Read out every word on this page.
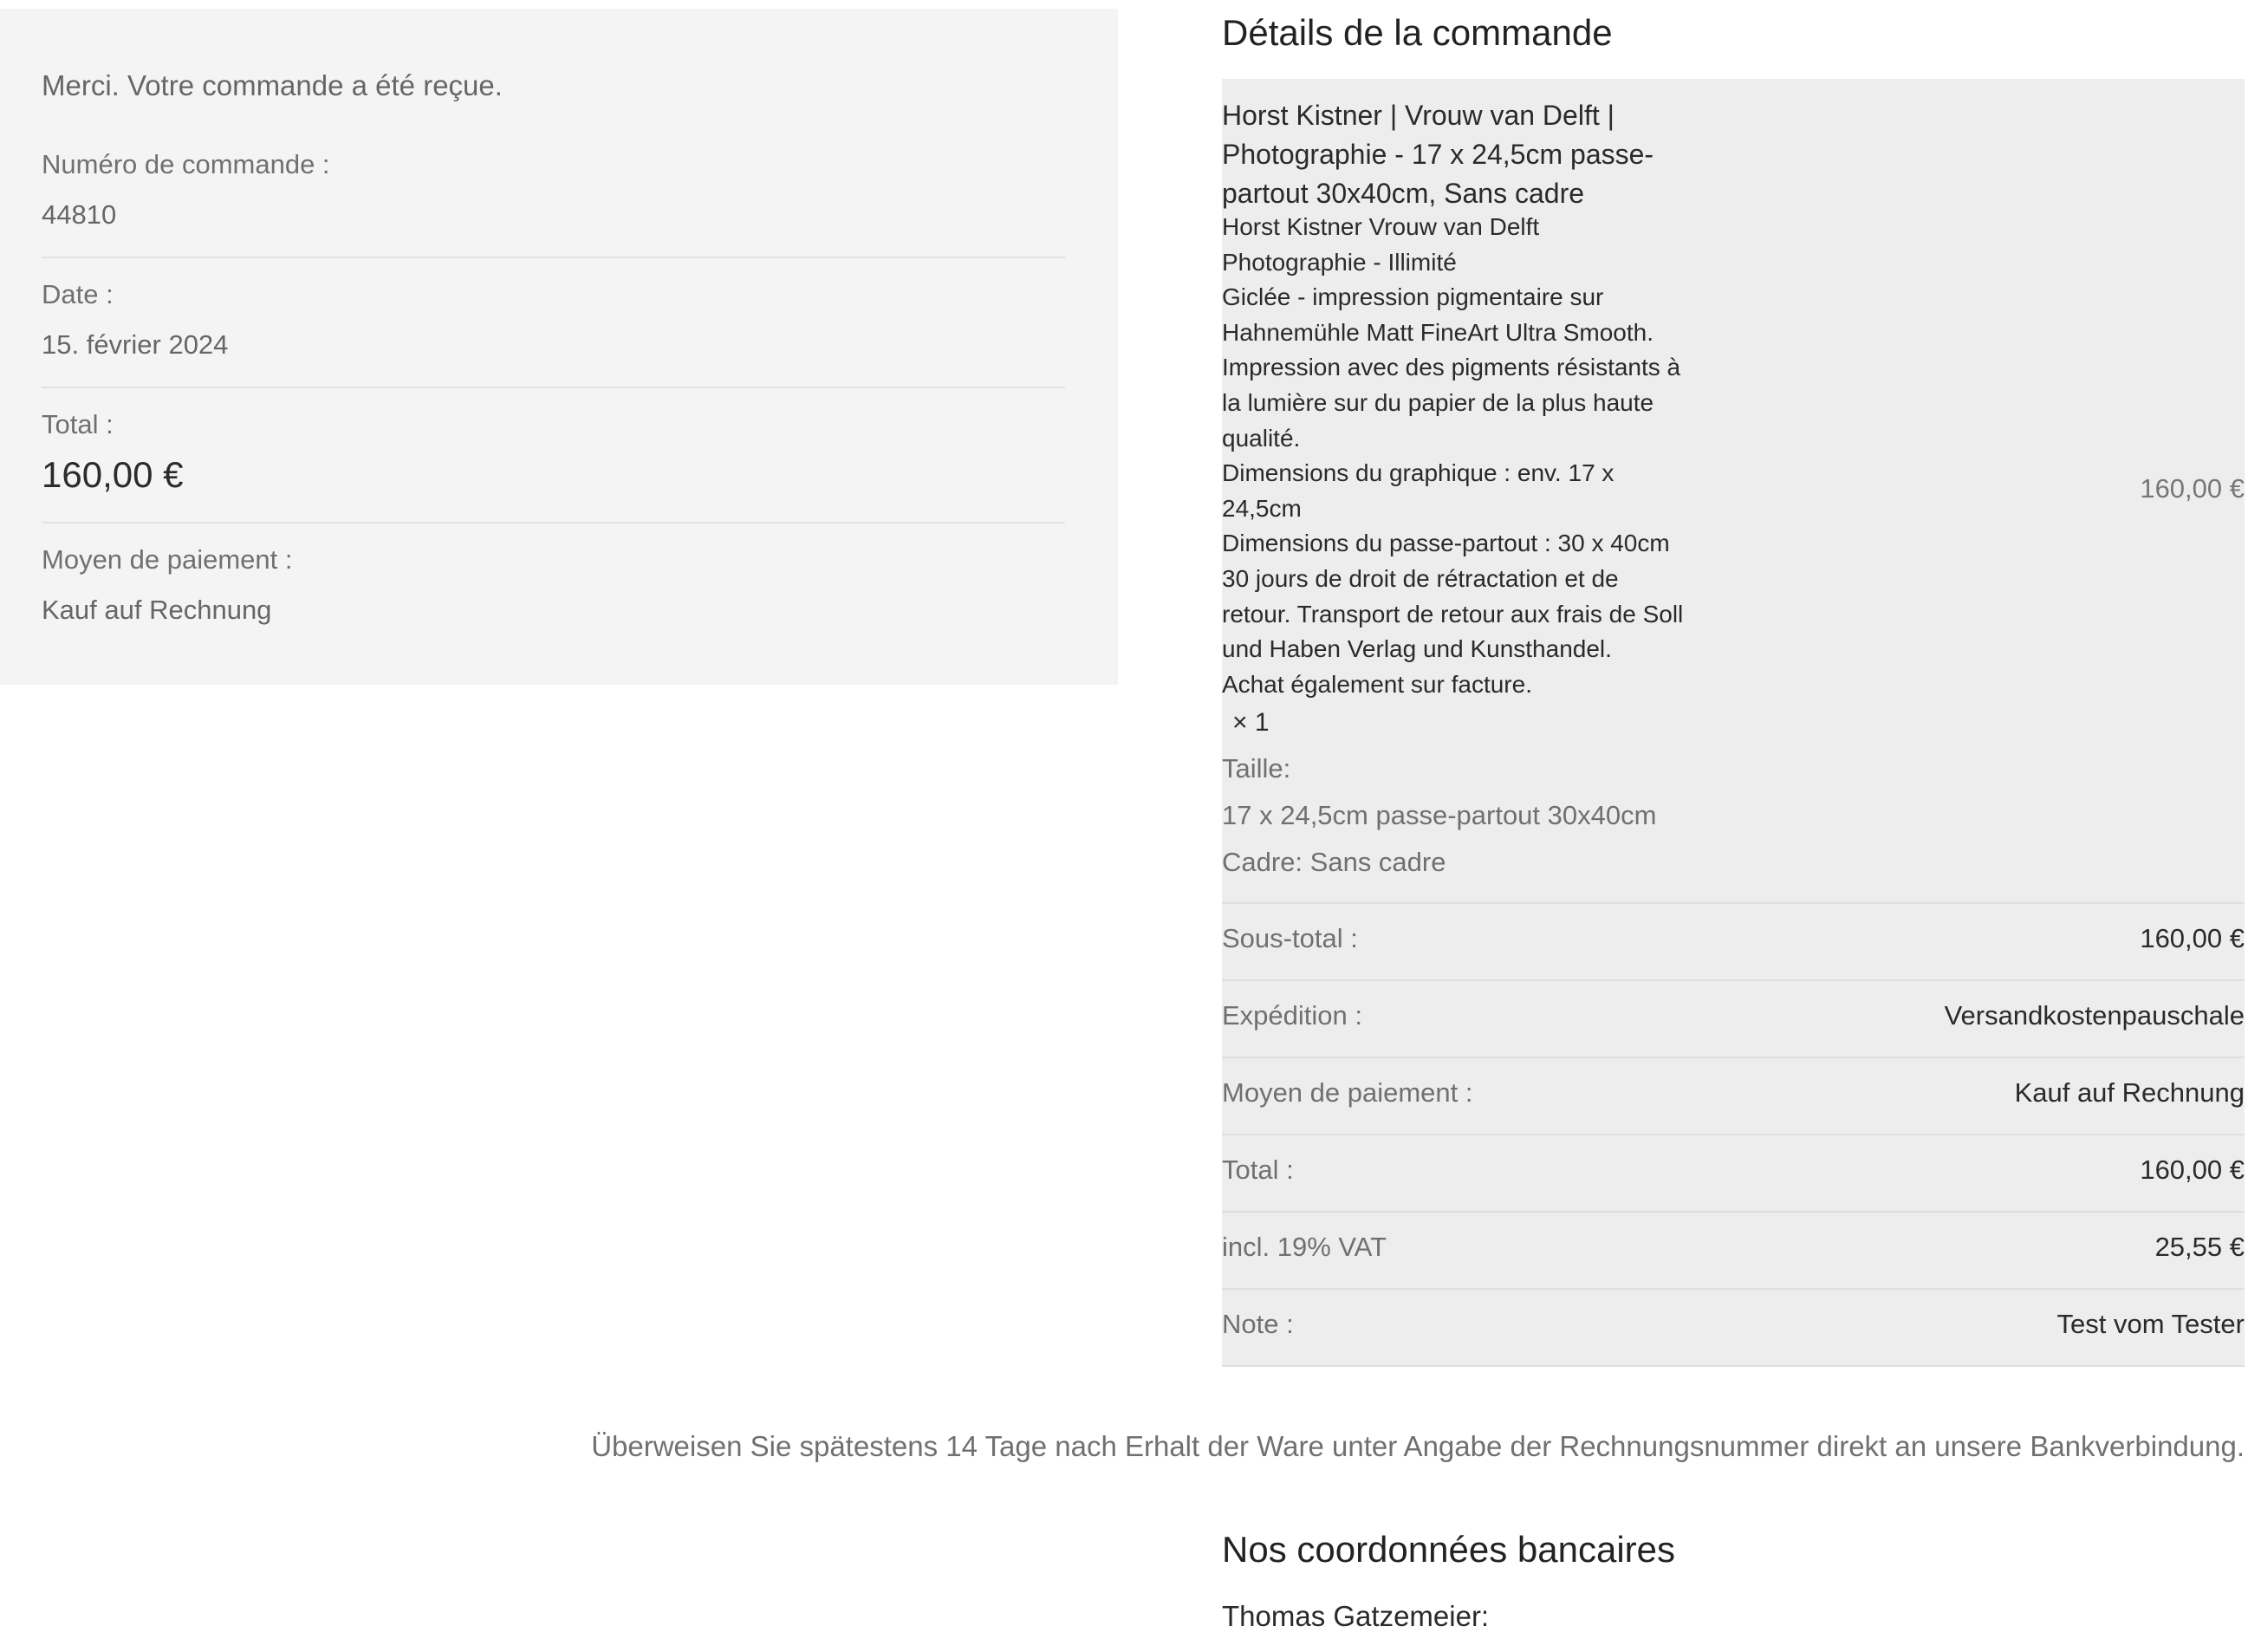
Merci. Votre commande a été reçue.
Numéro de commande :
44810
Date :
15. février 2024
Total :
160,00 €
Moyen de paiement :
Kauf auf Rechnung
Détails de la commande
Horst Kistner | Vrouw van Delft |
Photographie - 17 x 24,5cm passe-
partout 30x40cm, Sans cadre
Horst Kistner Vrouw van Delft
Photographie - Illimité
Giclée - impression pigmentaire sur
Hahnemühle Matt FineArt Ultra Smooth.
Impression avec des pigments résistants à
la lumière sur du papier de la plus haute
qualité.
Dimensions du graphique : env. 17 x
24,5cm
Dimensions du passe-partout : 30 x 40cm
30 jours de droit de rétractation et de
retour. Transport de retour aux frais de Soll
und Haben Verlag und Kunsthandel.
Achat également sur facture.
× 1
Taille:
17 x 24,5cm passe-partout 30x40cm
Cadre: Sans cadre
160,00 €
Sous-total :	160,00 €
Expédition :	Versandkostenpauschale
Moyen de paiement :	Kauf auf Rechnung
Total :	160,00 €
incl. 19% VAT	25,55 €
Note :	Test vom Tester
Überweisen Sie spätestens 14 Tage nach Erhalt der Ware unter Angabe der Rechnungsnummer direkt an unsere Bankverbindung.
Nos coordonnées bancaires
Thomas Gatzemeier:
